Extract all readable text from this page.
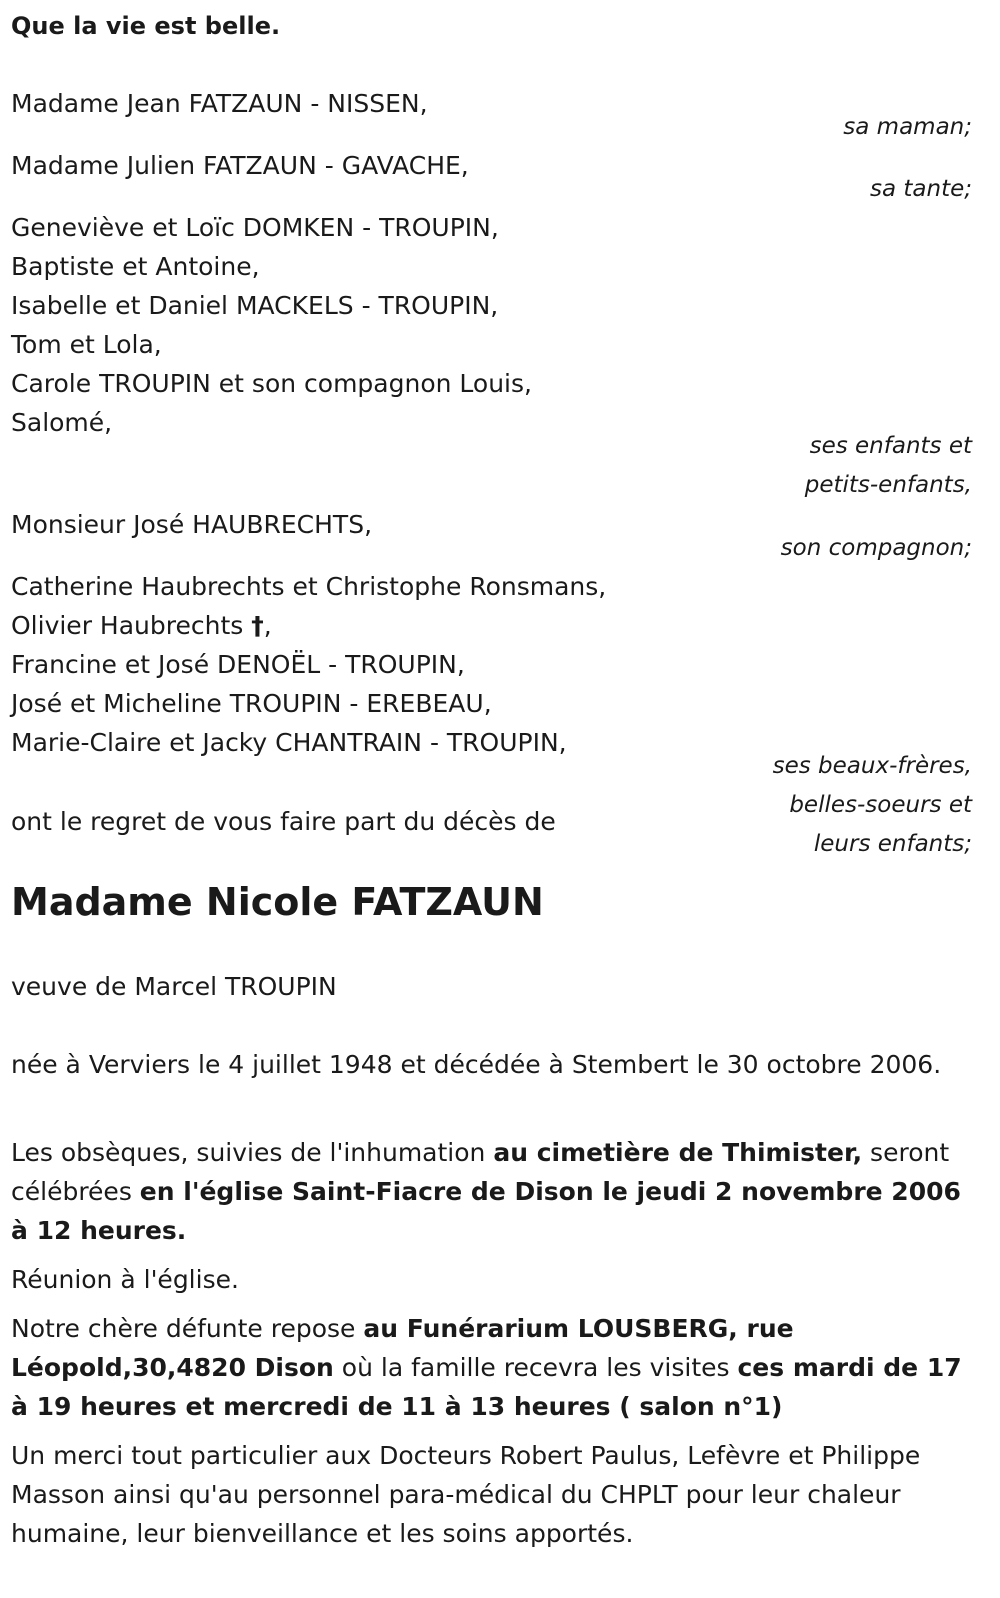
Que la vie est belle.
Madame Jean FATZAUN - NISSEN,
sa maman;
Madame Julien FATZAUN - GAVACHE,
sa tante;
Geneviève et Loïc DOMKEN - TROUPIN,
Baptiste et Antoine,
Isabelle et Daniel MACKELS - TROUPIN,
Tom et Lola,
Carole TROUPIN et son compagnon Louis,
Salomé,
ses enfants et
petits-enfants,
Monsieur José HAUBRECHTS,
son compagnon;
Catherine Haubrechts et Christophe Ronsmans,
Olivier Haubrechts †,
Francine et José DENOËL - TROUPIN,
José et Micheline TROUPIN - EREBEAU,
Marie-Claire et Jacky CHANTRAIN - TROUPIN,
ses beaux-frères,
belles-soeurs et
leurs enfants;
ont le regret de vous faire part du décès de
Madame Nicole FATZAUN
veuve de Marcel TROUPIN
née à Verviers le 4 juillet 1948 et décédée à Stembert le 30 octobre 2006.
Les obsèques, suivies de l'inhumation au cimetière de Thimister, seront célébrées en l'église Saint-Fiacre de Dison le jeudi 2 novembre 2006 à 12 heures.
Réunion à l'église.
Notre chère défunte repose au Funérarium LOUSBERG, rue Léopold,30,4820 Dison où la famille recevra les visites ces mardi de 17 à 19 heures et mercredi de 11 à 13 heures ( salon n°1)
Un merci tout particulier aux Docteurs Robert Paulus, Lefèvre et Philippe Masson ainsi qu'au personnel para-médical du CHPLT pour leur chaleur humaine, leur bienveillance et les soins apportés.
